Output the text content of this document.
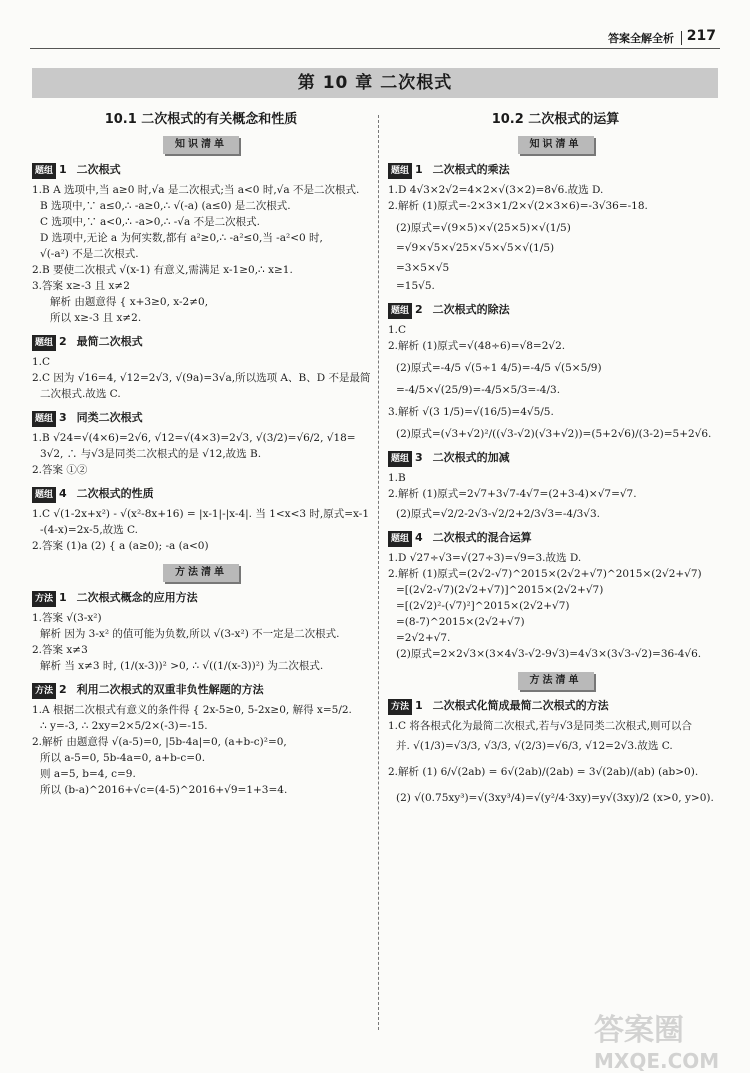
答案全解全析 217
第 10 章 二次根式
10.1 二次根式的有关概念和性质
知识清单
题组 1 二次根式
1.B A 选项中,当 a≥0 时,√a 是二次根式;当 a<0 时,√a 不是二次根式.
B 选项中,∵ a≤0,∴ -a≥0,∴ √(-a) (a≤0) 是二次根式.
C 选项中,∵ a<0,∴ -a>0,∴ -√a 不是二次根式.
D 选项中,无论 a 为何实数,都有 a²≥0,∴ -a²≤0,当 -a²<0 时,
√(-a²) 不是二次根式.
2.B 要使二次根式 √(x-1) 有意义,需满足 x-1≥0,∴ x≥1.
3.答案 x≥-3 且 x≠2
解析 由题意得 { x+3≥0, x-2≠0,
所以 x≥-3 且 x≠2.
题组 2 最简二次根式
1.C
2.C 因为 √16=4, √12=2√3, √(9a)=3√a,所以选项 A、B、D 不是最简
二次根式.故选 C.
题组 3 同类二次根式
1.B √24=√(4×6)=2√6, √12=√(4×3)=2√3, √(3/2)=√6/2, √18=
3√2, ∴ 与√3是同类二次根式的是 √12,故选 B.
2.答案 ①②
题组 4 二次根式的性质
1.C √(1-2x+x²) - √(x²-8x+16) = |x-1|-|x-4|. 当 1<x<3 时,原式=x-1
-(4-x)=2x-5,故选 C.
2.答案 (1)a (2) { a (a≥0); -a (a<0)
方法清单
方法 1 二次根式概念的应用方法
1.答案 √(3-x²)
解析 因为 3-x² 的值可能为负数,所以 √(3-x²) 不一定是二次根式.
2.答案 x≠3
解析 当 x≠3 时, (1/(x-3))² >0, ∴ √((1/(x-3))²) 为二次根式.
方法 2 利用二次根式的双重非负性解题的方法
1.A 根据二次根式有意义的条件得 { 2x-5≥0, 5-2x≥0, 解得 x=5/2.
∴ y=-3, ∴ 2xy=2×5/2×(-3)=-15.
2.解析 由题意得 √(a-5)=0, |5b-4a|=0, (a+b-c)²=0,
所以 a-5=0, 5b-4a=0, a+b-c=0.
则 a=5, b=4, c=9.
所以 (b-a)^2016+√c=(4-5)^2016+√9=1+3=4.
10.2 二次根式的运算
知识清单
题组 1 二次根式的乘法
1.D 4√3×2√2=4×2×√(3×2)=8√6.故选 D.
2.解析 (1)原式=-2×3×1/2×√(2×3×6)=-3√36=-18.
(2)原式=√(9×5)×√(25×5)×√(1/5)
=√9×√5×√25×√5×√5×√(1/5)
=3×5×√5
=15√5.
题组 2 二次根式的除法
1.C
2.解析 (1)原式=√(48÷6)=√8=2√2.
(2)原式=-4/5 √(5÷1 4/5)=-4/5 √(5×5/9)
=-4/5×√(25/9)=-4/5×5/3=-4/3.
3.解析 √(3 1/5)=√(16/5)=4√5/5.
(2)原式=(√3+√2)²/((√3-√2)(√3+√2))=(5+2√6)/(3-2)=5+2√6.
题组 3 二次根式的加减
1.B
2.解析 (1)原式=2√7+3√7-4√7=(2+3-4)×√7=√7.
(2)原式=√2/2-2√3-√2/2+2/3√3=-4/3√3.
题组 4 二次根式的混合运算
1.D √27÷√3=√(27÷3)=√9=3.故选 D.
2.解析 (1)原式=(2√2-√7)^2015×(2√2+√7)^2015×(2√2+√7)
=[(2√2-√7)(2√2+√7)]^2015×(2√2+√7)
=[(2√2)²-(√7)²]^2015×(2√2+√7)
=(8-7)^2015×(2√2+√7)
=2√2+√7.
(2)原式=2×2√3×(3×4√3-√2-9√3)=4√3×(3√3-√2)=36-4√6.
方法清单
方法 1 二次根式化简成最简二次根式的方法
1.C 将各根式化为最简二次根式,若与√3是同类二次根式,则可以合
并. √(1/3)=√3/3, √3/3, √(2/3)=√6/3, √12=2√3.故选 C.
2.解析 (1) 6/√(2ab) = 6√(2ab)/(2ab) = 3√(2ab)/(ab) (ab>0).
(2) √(0.75xy³)=√(3xy³/4)=√(y²/4·3xy)=y√(3xy)/2 (x>0, y>0).
答案圈
MXQE.COM
